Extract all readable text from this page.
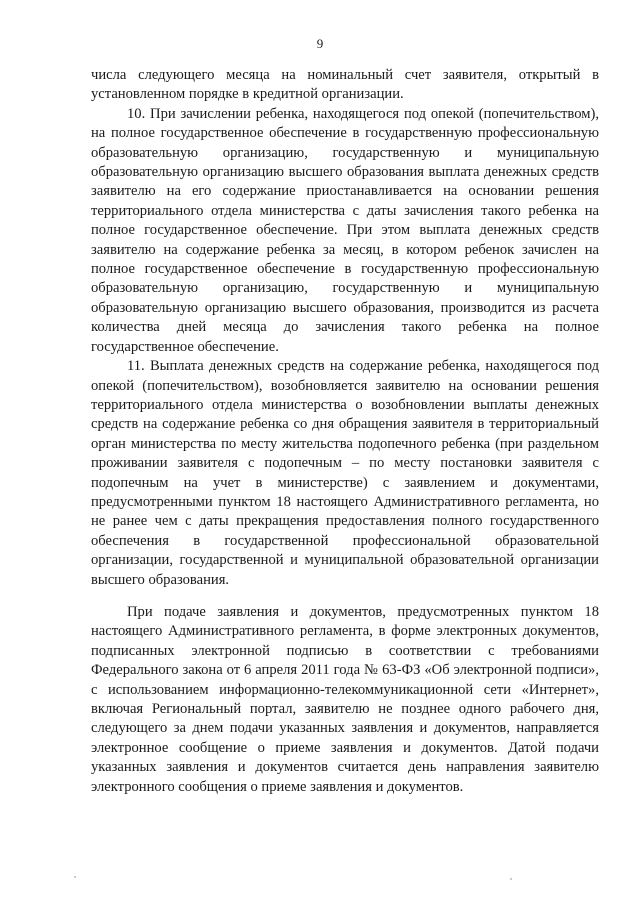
9

числа следующего месяца на номинальный счет заявителя, открытый в установленном порядке в кредитной организации.

10. При зачислении ребенка, находящегося под опекой (попечительством), на полное государственное обеспечение в государственную профессиональную образовательную организацию, государственную и муниципальную образовательную организацию высшего образования выплата денежных средств заявителю на его содержание приостанавливается на основании решения территориального отдела министерства с даты зачисления такого ребенка на полное государственное обеспечение. При этом выплата денежных средств заявителю на содержание ребенка за месяц, в котором ребенок зачислен на полное государственное обеспечение в государственную профессиональную образовательную организацию, государственную и муниципальную образовательную организацию высшего образования, производится из расчета количества дней месяца до зачисления такого ребенка на полное государственное обеспечение.

11. Выплата денежных средств на содержание ребенка, находящегося под опекой (попечительством), возобновляется заявителю на основании решения территориального отдела министерства о возобновлении выплаты денежных средств на содержание ребенка со дня обращения заявителя в территориальный орган министерства по месту жительства подопечного ребенка (при раздельном проживании заявителя с подопечным – по месту постановки заявителя с подопечным на учет в министерстве) с заявлением и документами, предусмотренными пунктом 18 настоящего Административного регламента, но не ранее чем с даты прекращения предоставления полного государственного обеспечения в государственной профессиональной образовательной организации, государственной и муниципальной образовательной организации высшего образования.

При подаче заявления и документов, предусмотренных пунктом 18 настоящего Административного регламента, в форме электронных документов, подписанных электронной подписью в соответствии с требованиями Федерального закона от 6 апреля 2011 года № 63-ФЗ «Об электронной подписи», с использованием информационно-телекоммуникационной сети «Интернет», включая Региональный портал, заявителю не позднее одного рабочего дня, следующего за днем подачи указанных заявления и документов, направляется электронное сообщение о приеме заявления и документов. Датой подачи указанных заявления и документов считается день направления заявителю электронного сообщения о приеме заявления и документов.
